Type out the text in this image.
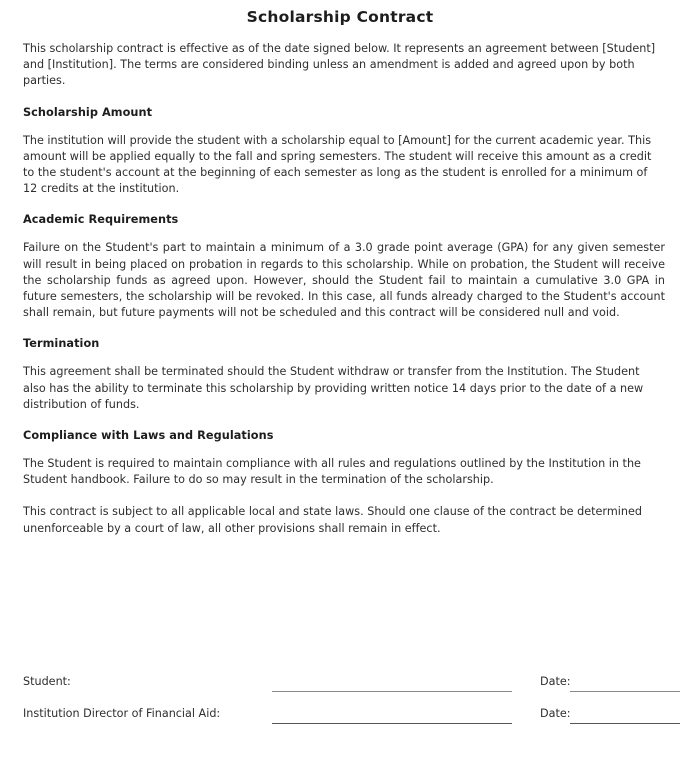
Scholarship Contract

This scholarship contract is effective as of the date signed below. It represents an agreement between [Student] and [Institution]. The terms are considered binding unless an amendment is added and agreed upon by both parties.

Scholarship Amount

The institution will provide the student with a scholarship equal to [Amount] for the current academic year. This amount will be applied equally to the fall and spring semesters. The student will receive this amount as a credit to the student's account at the beginning of each semester as long as the student is enrolled for a minimum of 12 credits at the institution.

Academic Requirements

Failure on the Student's part to maintain a minimum of a 3.0 grade point average (GPA) for any given semester will result in being placed on probation in regards to this scholarship. While on probation, the Student will receive the scholarship funds as agreed upon. However, should the Student fail to maintain a cumulative 3.0 GPA in future semesters, the scholarship will be revoked. In this case, all funds already charged to the Student's account shall remain, but future payments will not be scheduled and this contract will be considered null and void.

Termination

This agreement shall be terminated should the Student withdraw or transfer from the Institution. The Student also has the ability to terminate this scholarship by providing written notice 14 days prior to the date of a new distribution of funds.

Compliance with Laws and Regulations

The Student is required to maintain compliance with all rules and regulations outlined by the Institution in the Student handbook. Failure to do so may result in the termination of the scholarship.

This contract is subject to all applicable local and state laws. Should one clause of the contract be determined unenforceable by a court of law, all other provisions shall remain in effect.

Student:	Date:
Institution Director of Financial Aid:	Date:
